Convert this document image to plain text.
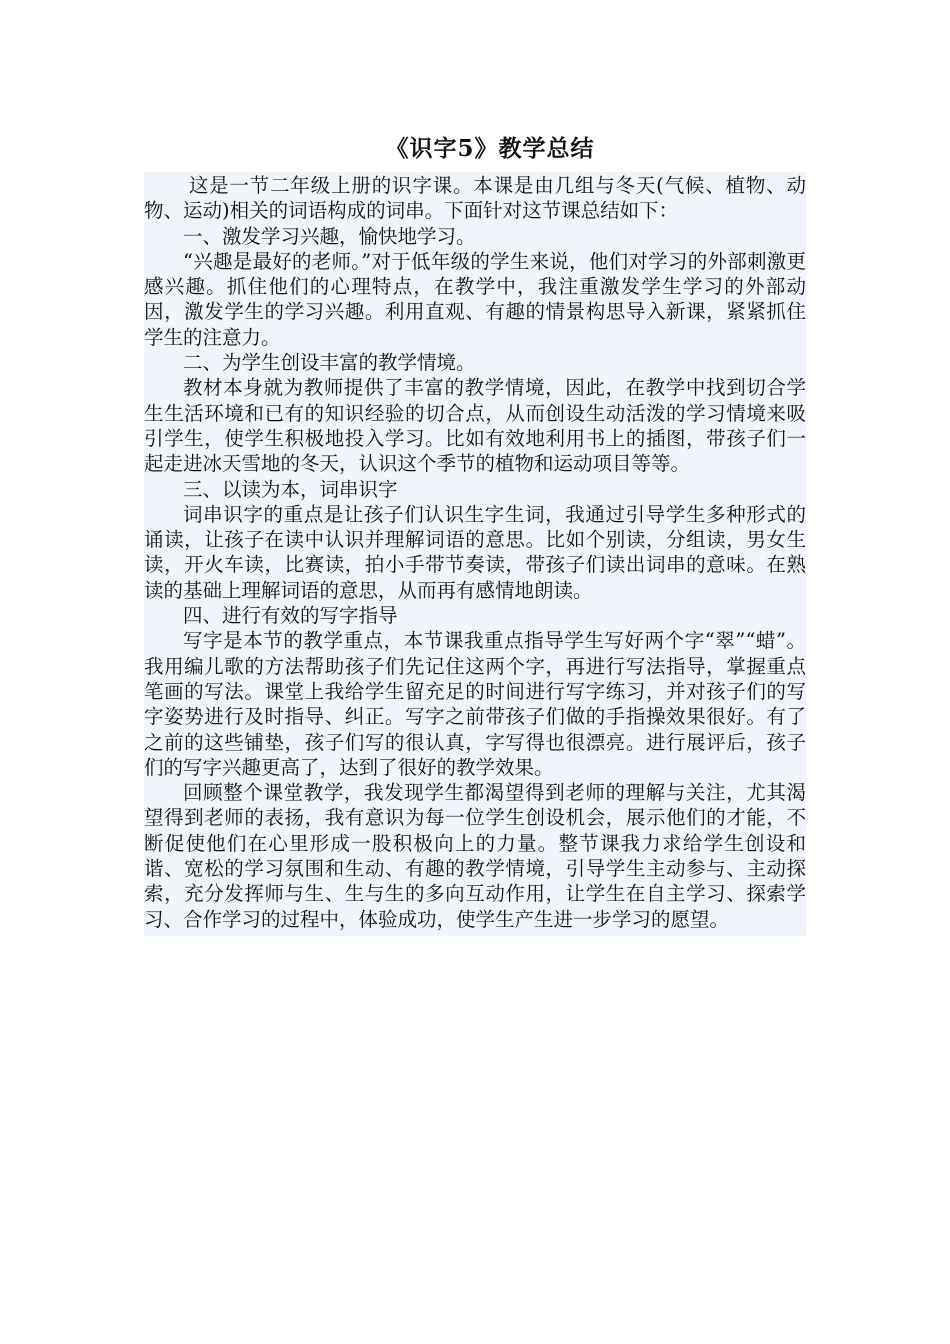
《识字5》教学总结

这是一节二年级上册的识字课。本课是由几组与冬天(气候、植物、动物、运动)相关的词语构成的词串。下面针对这节课总结如下：

一、激发学习兴趣，愉快地学习。

“兴趣是最好的老师。”对于低年级的学生来说，他们对学习的外部刺激更感兴趣。抓住他们的心理特点，在教学中，我注重激发学生学习的外部动因，激发学生的学习兴趣。利用直观、有趣的情景构思导入新课，紧紧抓住学生的注意力。

二、为学生创设丰富的教学情境。

教材本身就为教师提供了丰富的教学情境，因此，在教学中找到切合学生生活环境和已有的知识经验的切合点，从而创设生动活泼的学习情境来吸引学生，使学生积极地投入学习。比如有效地利用书上的插图，带孩子们一起走进冰天雪地的冬天，认识这个季节的植物和运动项目等等。

三、以读为本，词串识字

词串识字的重点是让孩子们认识生字生词，我通过引导学生多种形式的诵读，让孩子在读中认识并理解词语的意思。比如个别读，分组读，男女生读，开火车读，比赛读，拍小手带节奏读，带孩子们读出词串的意味。在熟读的基础上理解词语的意思，从而再有感情地朗读。

四、进行有效的写字指导

写字是本节的教学重点，本节课我重点指导学生写好两个字“翠”“蜡”。我用编儿歌的方法帮助孩子们先记住这两个字，再进行写法指导，掌握重点笔画的写法。课堂上我给学生留充足的时间进行写字练习，并对孩子们的写字姿势进行及时指导、纠正。写字之前带孩子们做的手指操效果很好。有了之前的这些铺垫，孩子们写的很认真，字写得也很漂亮。进行展评后，孩子们的写字兴趣更高了，达到了很好的教学效果。

回顾整个课堂教学，我发现学生都渴望得到老师的理解与关注，尤其渴望得到老师的表扬，我有意识为每一位学生创设机会，展示他们的才能，不断促使他们在心里形成一股积极向上的力量。整节课我力求给学生创设和谐、宽松的学习氛围和生动、有趣的教学情境，引导学生主动参与、主动探索，充分发挥师与生、生与生的多向互动作用，让学生在自主学习、探索学习、合作学习的过程中，体验成功，使学生产生进一步学习的愿望。
